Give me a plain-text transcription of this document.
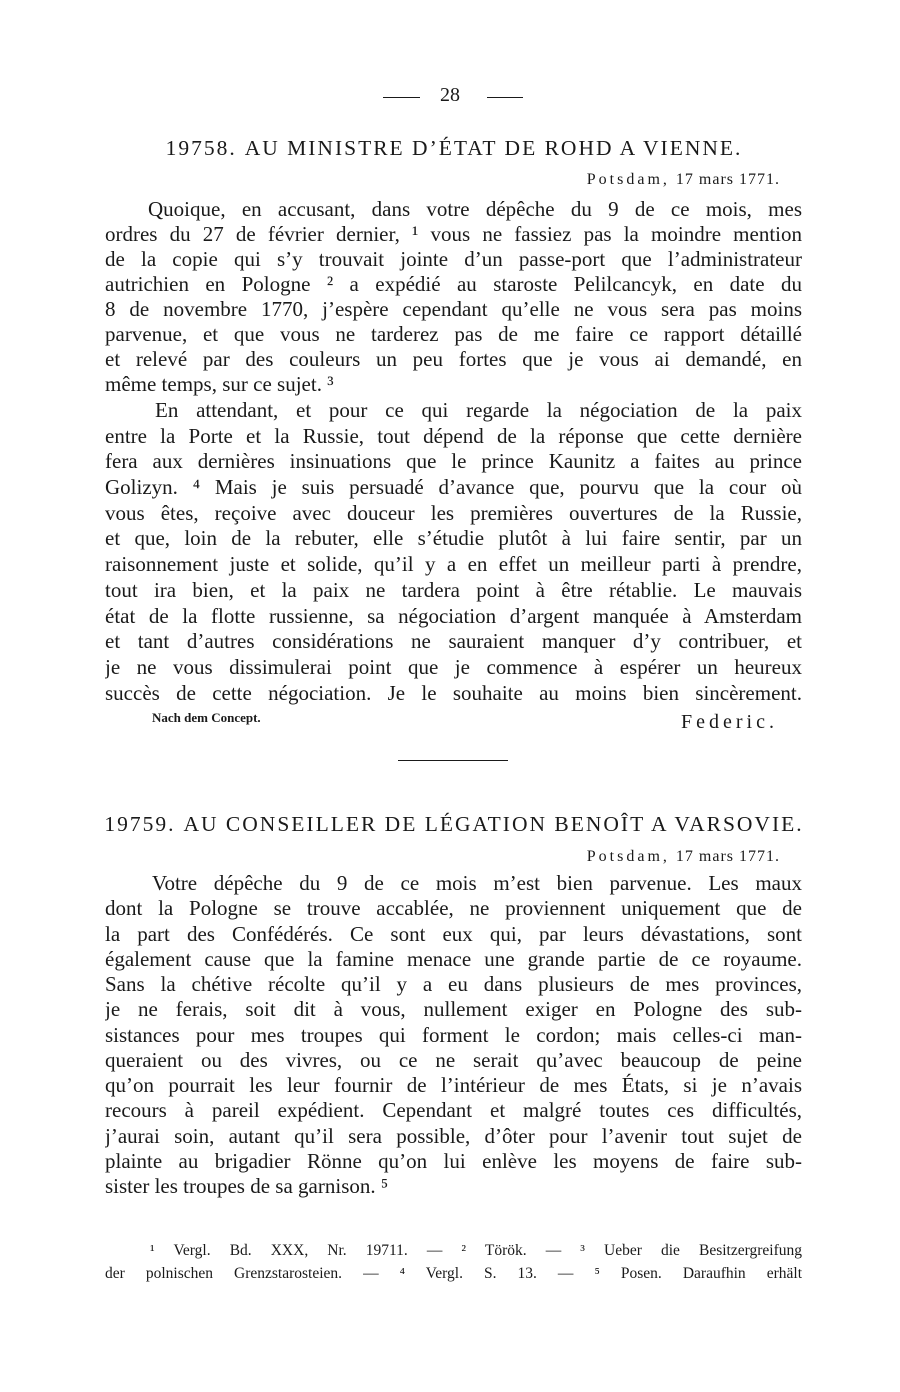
28
19758. AU MINISTRE D’ÉTAT DE ROHD A VIENNE.
Potsdam, 17 mars 1771.
Quoique, en accusant, dans votre dépêche du 9 de ce mois, mes
ordres du 27 de février dernier, ¹ vous ne fassiez pas la moindre mention
de la copie qui s’y trouvait jointe d’un passe-port que l’administrateur
autrichien en Pologne ² a expédié au staroste Pelilcancyk, en date du
8 de novembre 1770, j’espère cependant qu’elle ne vous sera pas moins
parvenue, et que vous ne tarderez pas de me faire ce rapport détaillé
et relevé par des couleurs un peu fortes que je vous ai demandé, en
même temps, sur ce sujet. ³
En attendant, et pour ce qui regarde la négociation de la paix
entre la Porte et la Russie, tout dépend de la réponse que cette dernière
fera aux dernières insinuations que le prince Kaunitz a faites au prince
Golizyn. ⁴ Mais je suis persuadé d’avance que, pourvu que la cour où
vous êtes, reçoive avec douceur les premières ouvertures de la Russie,
et que, loin de la rebuter, elle s’étudie plutôt à lui faire sentir, par un
raisonnement juste et solide, qu’il y a en effet un meilleur parti à prendre,
tout ira bien, et la paix ne tardera point à être rétablie. Le mauvais
état de la flotte russienne, sa négociation d’argent manquée à Amsterdam
et tant d’autres considérations ne sauraient manquer d’y contribuer, et
je ne vous dissimulerai point que je commence à espérer un heureux
succès de cette négociation. Je le souhaite au moins bien sincèrement.
Nach dem Concept.	Federic.
19759. AU CONSEILLER DE LÉGATION BENOÎT A VARSOVIE.
Potsdam, 17 mars 1771.
Votre dépêche du 9 de ce mois m’est bien parvenue. Les maux
dont la Pologne se trouve accablée, ne proviennent uniquement que de
la part des Confédérés. Ce sont eux qui, par leurs dévastations, sont
également cause que la famine menace une grande partie de ce royaume.
Sans la chétive récolte qu’il y a eu dans plusieurs de mes provinces,
je ne ferais, soit dit à vous, nullement exiger en Pologne des sub-
sistances pour mes troupes qui forment le cordon; mais celles-ci man-
queraient ou des vivres, ou ce ne serait qu’avec beaucoup de peine
qu’on pourrait les leur fournir de l’intérieur de mes États, si je n’avais
recours à pareil expédient. Cependant et malgré toutes ces difficultés,
j’aurai soin, autant qu’il sera possible, d’ôter pour l’avenir tout sujet de
plainte au brigadier Rönne qu’on lui enlève les moyens de faire sub-
sister les troupes de sa garnison. ⁵
¹ Vergl. Bd. XXX, Nr. 19711. — ² Török. — ³ Ueber die Besitzergreifung
der polnischen Grenzstarosteien. — ⁴ Vergl. S. 13. — ⁵ Posen. Daraufhin erhält
